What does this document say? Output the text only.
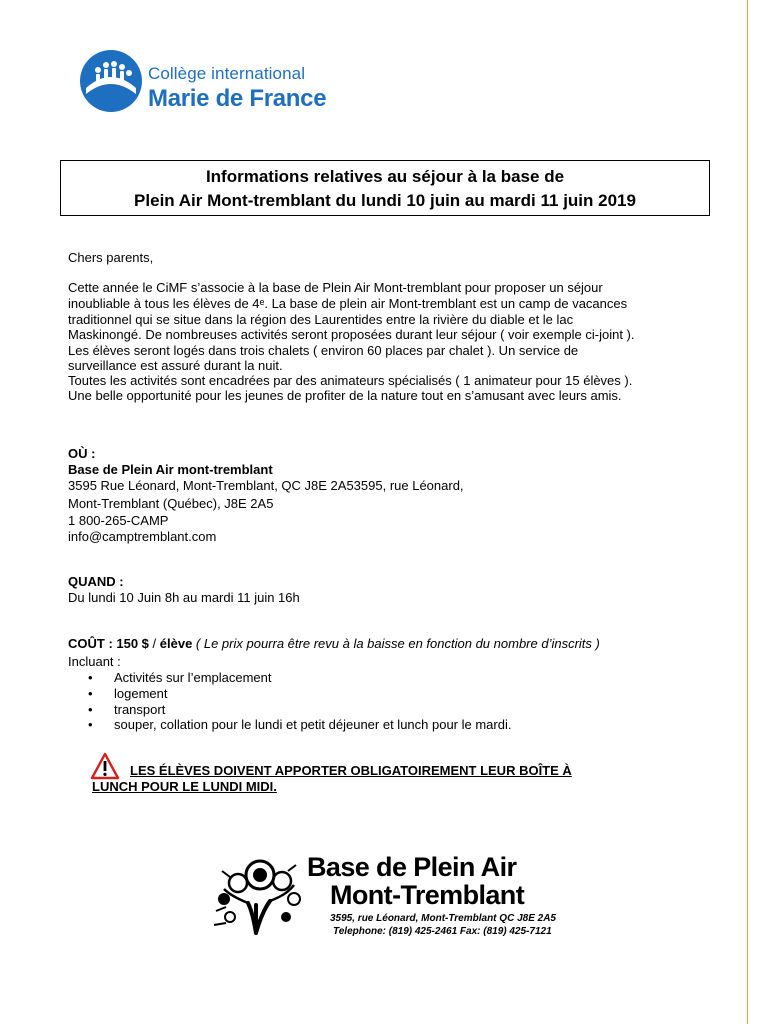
Collège international
Marie de France
Informations relatives au séjour à la base de
Plein Air Mont-tremblant du lundi 10 juin au mardi 11 juin 2019
Chers parents,
Cette année le CiMF s’associe à la base de Plein Air Mont-tremblant pour proposer un séjour
inoubliable à tous les élèves de 4ᵉ. La base de plein air Mont-tremblant est un camp de vacances
traditionnel qui se situe dans la région des Laurentides entre la rivière du diable et le lac
Maskinongé. De nombreuses activités seront proposées durant leur séjour ( voir exemple ci-joint ).
Les élèves seront logés dans trois chalets ( environ 60 places par chalet ). Un service de
surveillance est assuré durant la nuit.
Toutes les activités sont encadrées par des animateurs spécialisés ( 1 animateur pour 15 élèves ).
Une belle opportunité pour les jeunes de profiter de la nature tout en s’amusant avec leurs amis.
OÙ :
Base de Plein Air mont-tremblant
3595 Rue Léonard, Mont-Tremblant, QC J8E 2A53595, rue Léonard,
Mont-Tremblant (Québec), J8E 2A5
1 800-265-CAMP
info@camptremblant.com
QUAND :
Du lundi 10 Juin 8h au mardi 11 juin 16h
COÛT : 150 $ / élève ( Le prix pourra être revu à la baisse en fonction du nombre d’inscrits )
Incluant :
• Activités sur l’emplacement
• logement
• transport
• souper, collation pour le lundi et petit déjeuner et lunch pour le mardi.
LES ÉLÈVES DOIVENT APPORTER OBLIGATOIREMENT LEUR BOÎTE À
LUNCH POUR LE LUNDI MIDI.
Base de Plein Air
Mont-Tremblant
3595, rue Léonard, Mont-Tremblant QC J8E 2A5
Telephone: (819) 425-2461 Fax: (819) 425-7121
